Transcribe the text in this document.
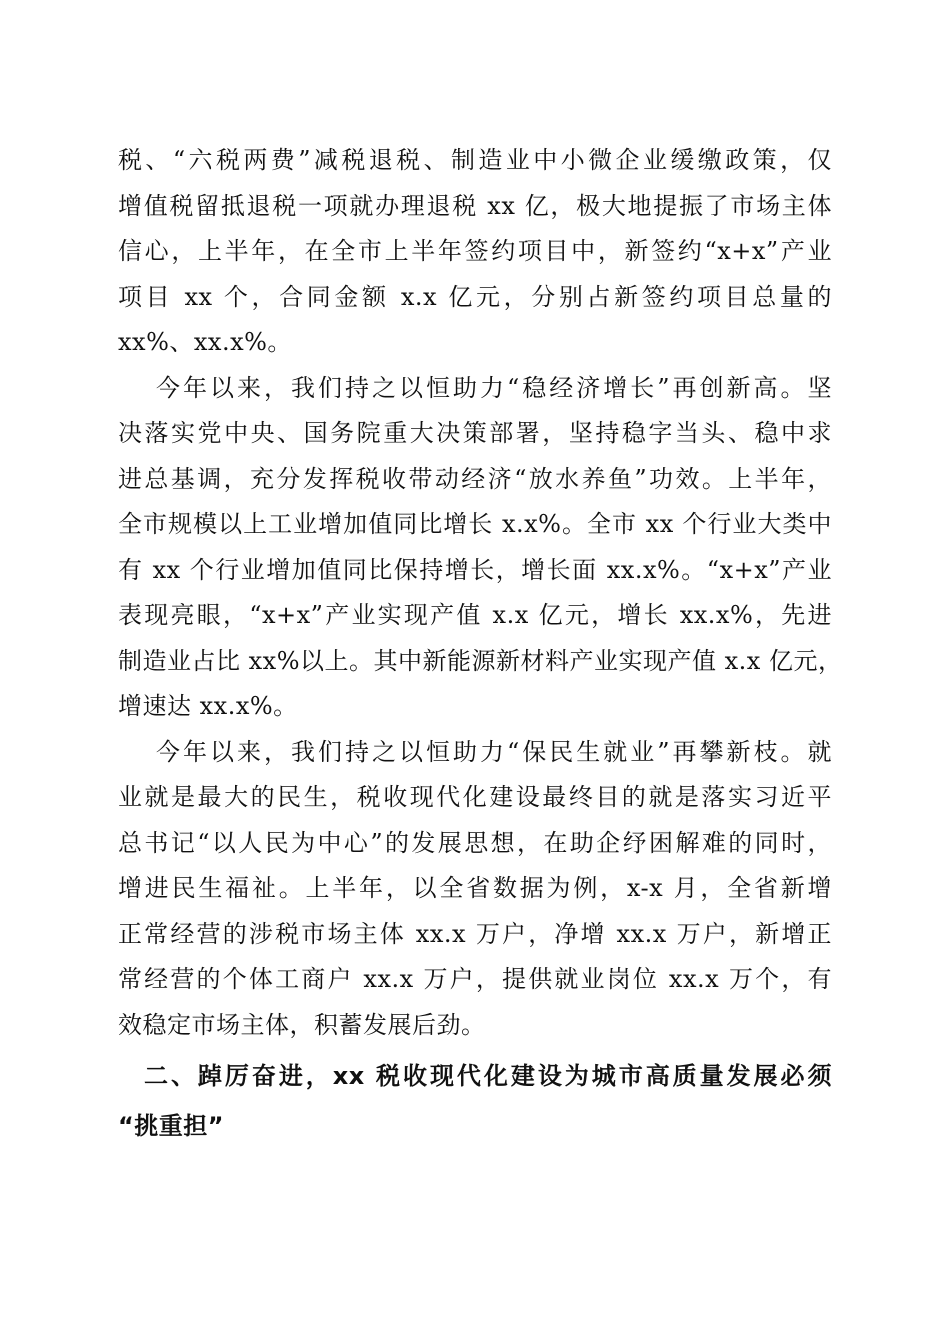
税、“六税两费”减税退税、制造业中小微企业缓缴政策，仅
增值税留抵退税一项就办理退税 xx 亿，极大地提振了市场主体
信心，上半年，在全市上半年签约项目中，新签约“x+x”产业
项目 xx 个，合同金额 x.x 亿元，分别占新签约项目总量的
xx%、xx.x%。
今年以来，我们持之以恒助力“稳经济增长”再创新高。坚
决落实党中央、国务院重大决策部署，坚持稳字当头、稳中求
进总基调，充分发挥税收带动经济“放水养鱼”功效。上半年，
全市规模以上工业增加值同比增长 x.x%。全市 xx 个行业大类中
有 xx 个行业增加值同比保持增长，增长面 xx.x%。“x+x”产业
表现亮眼，“x+x”产业实现产值 x.x 亿元，增长 xx.x%，先进
制造业占比 xx%以上。其中新能源新材料产业实现产值 x.x 亿元，
增速达 xx.x%。
今年以来，我们持之以恒助力“保民生就业”再攀新枝。就
业就是最大的民生，税收现代化建设最终目的就是落实习近平
总书记“以人民为中心”的发展思想，在助企纾困解难的同时，
增进民生福祉。上半年，以全省数据为例，x-x 月，全省新增
正常经营的涉税市场主体 xx.x 万户，净增 xx.x 万户，新增正
常经营的个体工商户 xx.x 万户，提供就业岗位 xx.x 万个，有
效稳定市场主体，积蓄发展后劲。
二、踔厉奋进，xx 税收现代化建设为城市高质量发展必须
“挑重担”
